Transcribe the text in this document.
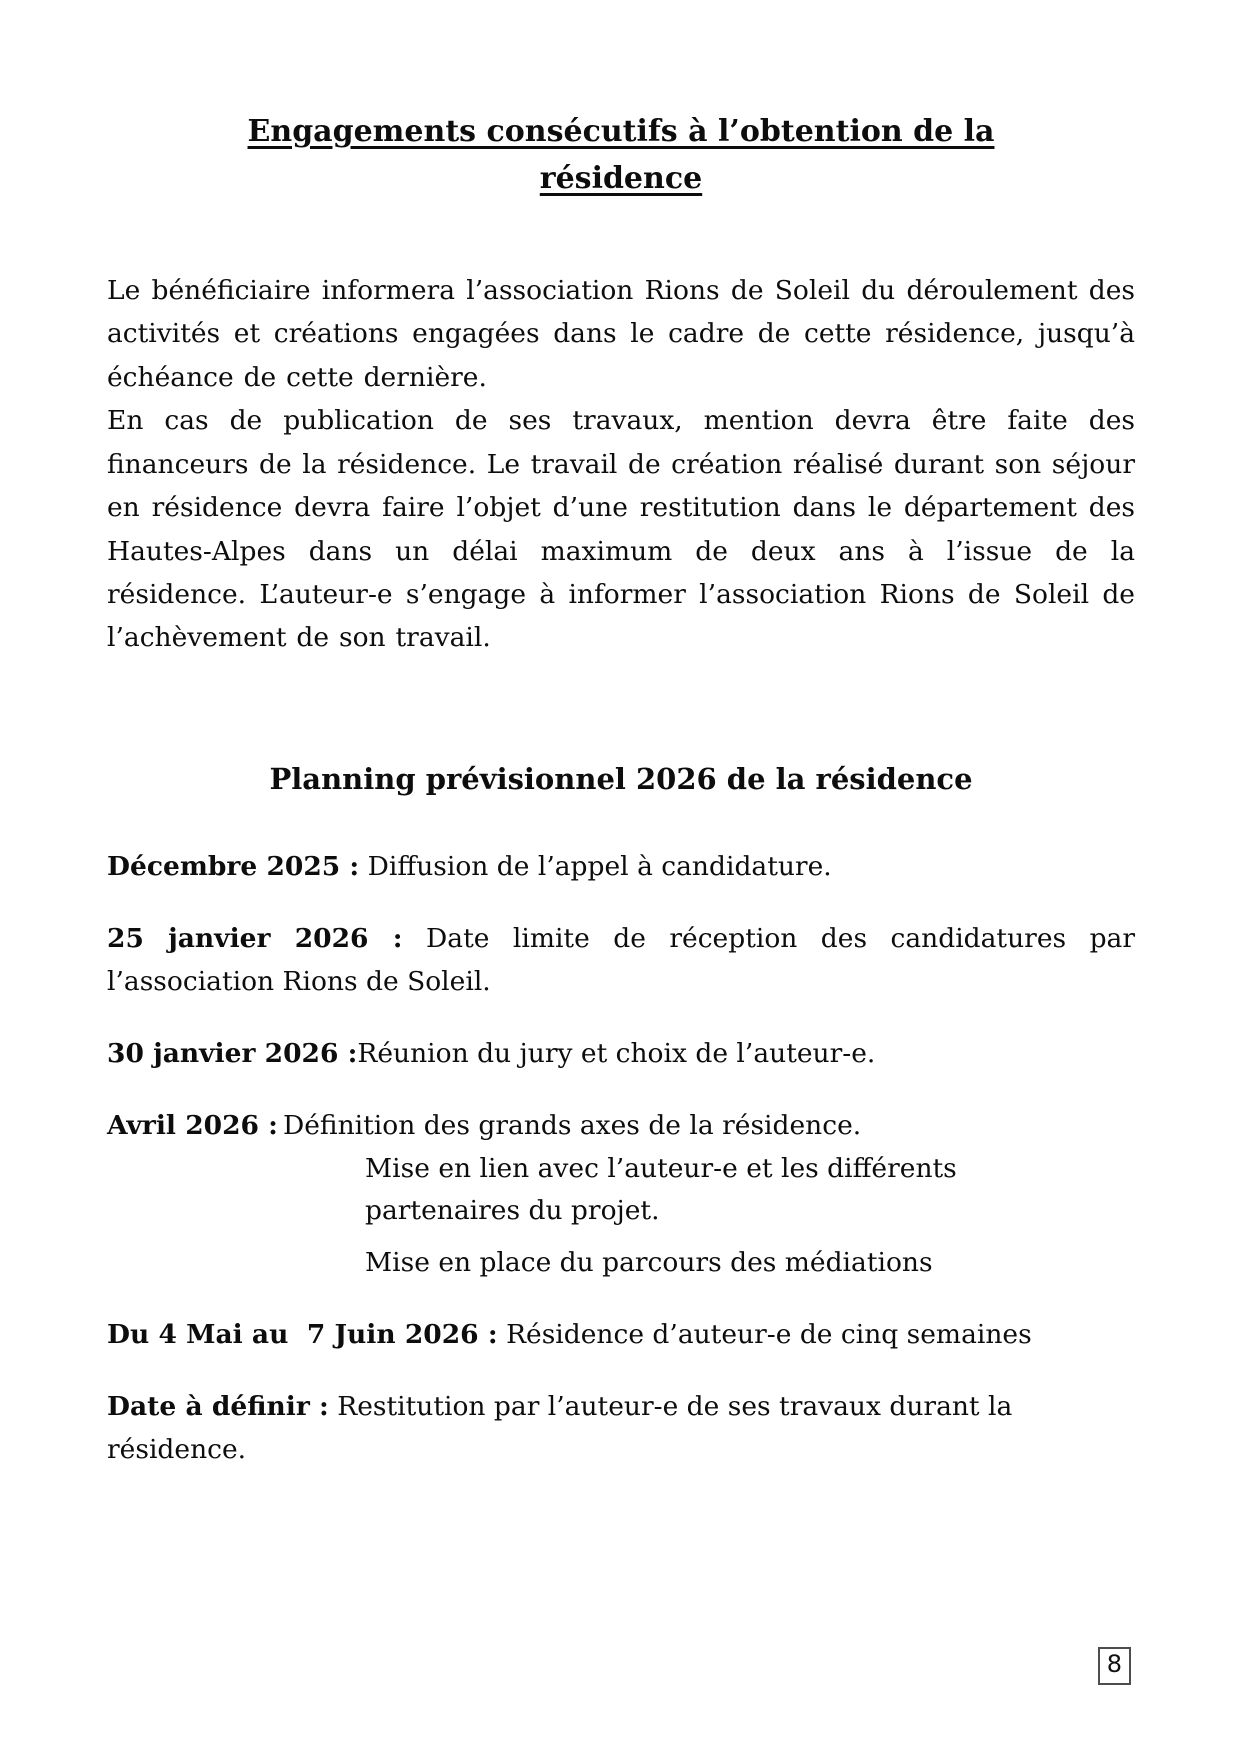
Engagements consécutifs à l’obtention de la
résidence

Le bénéficiaire informera l’association Rions de Soleil du déroulement des activités et créations engagées dans le cadre de cette résidence, jusqu’à échéance de cette dernière.

En cas de publication de ses travaux, mention devra être faite des financeurs de la résidence. Le travail de création réalisé durant son séjour en résidence devra faire l’objet d’une restitution dans le département des Hautes-Alpes dans un délai maximum de deux ans à l’issue de la résidence. L’auteur-e s’engage à informer l’association Rions de Soleil de l’achèvement de son travail.

Planning prévisionnel 2026 de la résidence
Décembre 2025 : Diffusion de l’appel à candidature.
25 janvier 2026 : Date limite de réception des candidatures par l’association Rions de Soleil.
30 janvier 2026 :Réunion du jury et choix de l’auteur-e.
Avril 2026 : Définition des grands axes de la résidence.
Mise en lien avec l’auteur-e et les différents
partenaires du projet.
Mise en place du parcours des médiations
Du 4 Mai au  7 Juin 2026 : Résidence d’auteur-e de cinq semaines
Date à définir : Restitution par l’auteur-e de ses travaux durant la résidence.
8
